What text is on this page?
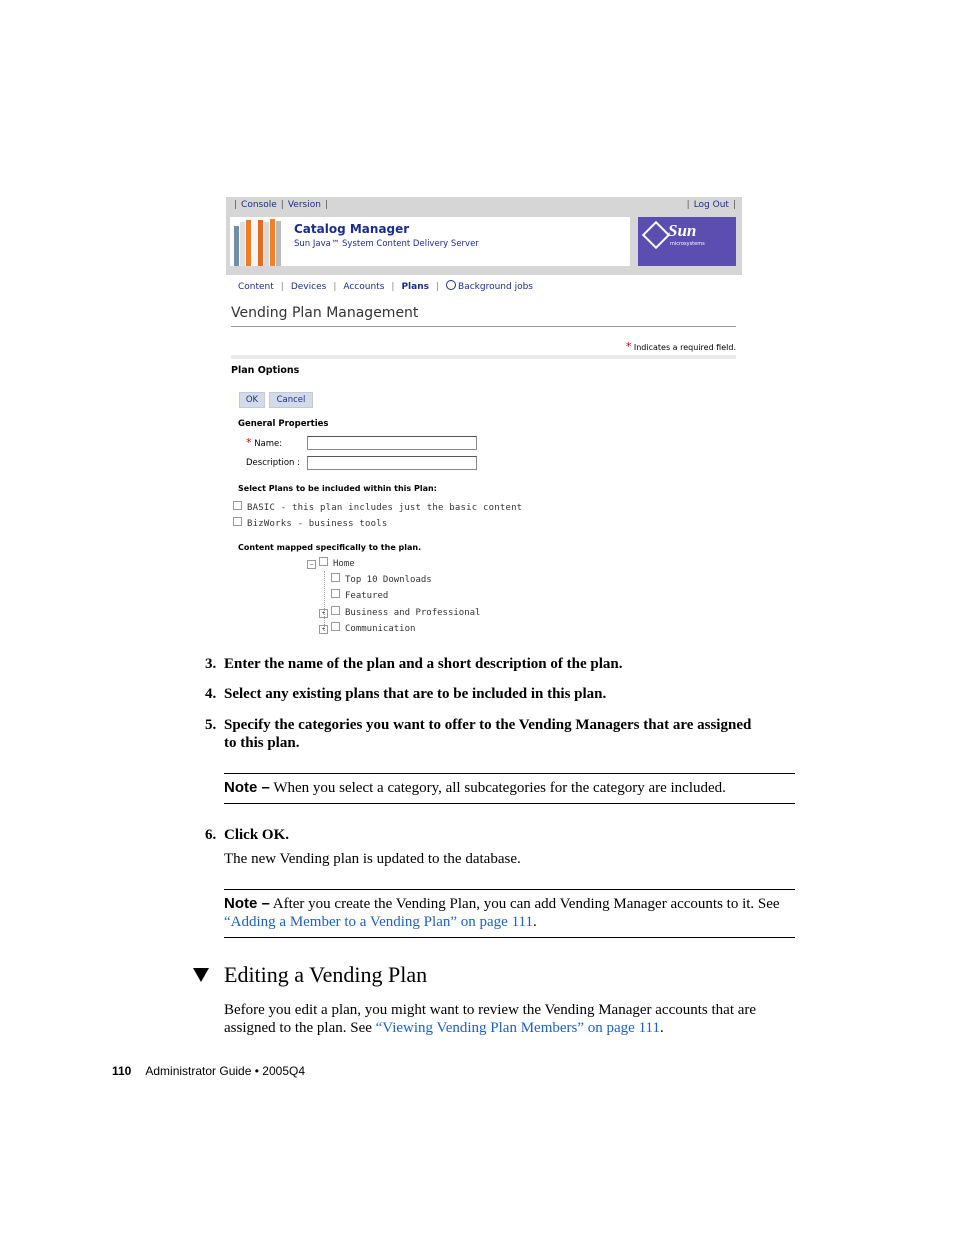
| Console | Version |	| Log Out |
Catalog Manager
Sun Java™ System Content Delivery Server
Sun
microsystems
Content | Devices | Accounts | Plans | Background jobs
Vending Plan Management
* Indicates a required field.
Plan Options
OK	Cancel
General Properties
* Name:
Description :
Select Plans to be included within this Plan:
BASIC - this plan includes just the basic content
BizWorks - business tools
Content mapped specifically to the plan.
− Home
Top 10 Downloads
Featured
+ Business and Professional
+ Communication
3. Enter the name of the plan and a short description of the plan.
4. Select any existing plans that are to be included in this plan.
5. Specify the categories you want to offer to the Vending Managers that are assigned to this plan.
Note – When you select a category, all subcategories for the category are included.
6. Click OK.
The new Vending plan is updated to the database.
Note – After you create the Vending Plan, you can add Vending Manager accounts to it. See “Adding a Member to a Vending Plan” on page 111.
Editing a Vending Plan
Before you edit a plan, you might want to review the Vending Manager accounts that are assigned to the plan. See “Viewing Vending Plan Members” on page 111.
110 Administrator Guide • 2005Q4
